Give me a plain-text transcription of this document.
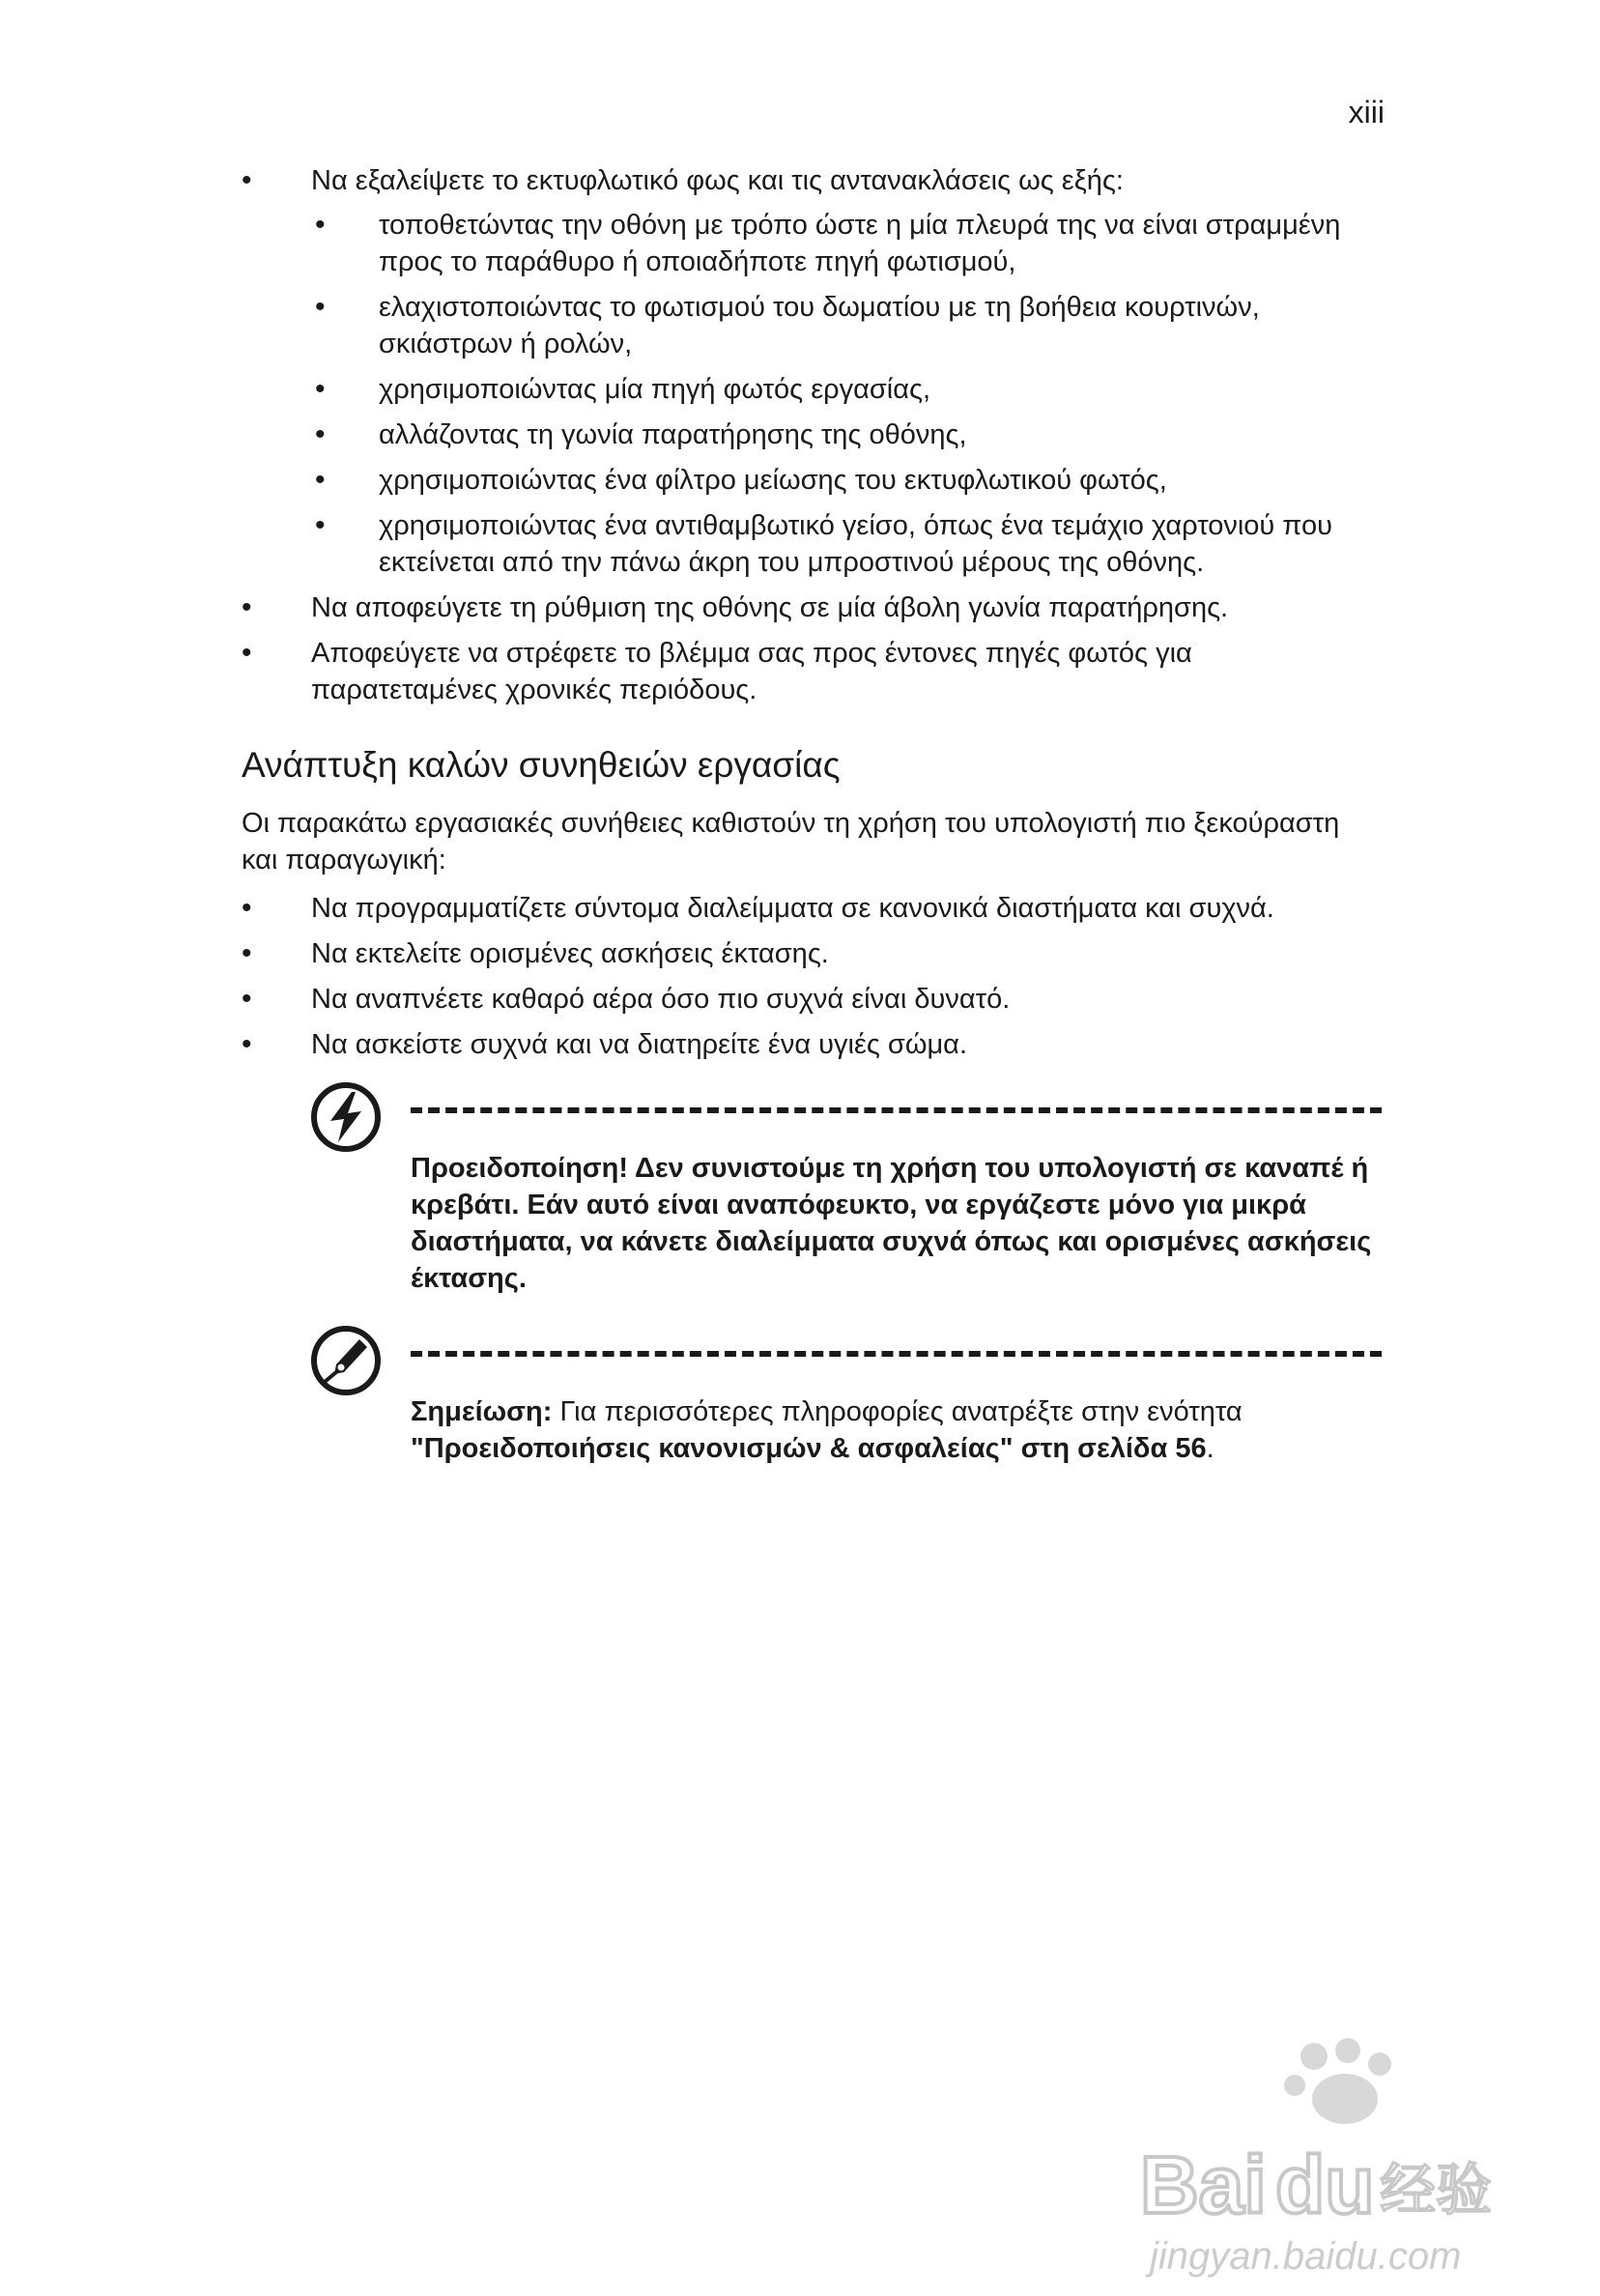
xiii
• Να εξαλείψετε το εκτυφλωτικό φως και τις αντανακλάσεις ως εξής:
• τοποθετώντας την οθόνη με τρόπο ώστε η μία πλευρά της να είναι στραμμένη προς το παράθυρο ή οποιαδήποτε πηγή φωτισμού,
• ελαχιστοποιώντας το φωτισμού του δωματίου με τη βοήθεια κουρτινών, σκιάστρων ή ρολών,
• χρησιμοποιώντας μία πηγή φωτός εργασίας,
• αλλάζοντας τη γωνία παρατήρησης της οθόνης,
• χρησιμοποιώντας ένα φίλτρο μείωσης του εκτυφλωτικού φωτός,
• χρησιμοποιώντας ένα αντιθαμβωτικό γείσο, όπως ένα τεμάχιο χαρτονιού που εκτείνεται από την πάνω άκρη του μπροστινού μέρους της οθόνης.
• Να αποφεύγετε τη ρύθμιση της οθόνης σε μία άβολη γωνία παρατήρησης.
• Αποφεύγετε να στρέφετε το βλέμμα σας προς έντονες πηγές φωτός για παρατεταμένες χρονικές περιόδους.
Ανάπτυξη καλών συνηθειών εργασίας

Οι παρακάτω εργασιακές συνήθειες καθιστούν τη χρήση του υπολογιστή πιο ξεκούραστη και παραγωγική:

• Να προγραμματίζετε σύντομα διαλείμματα σε κανονικά διαστήματα και συχνά.
• Να εκτελείτε ορισμένες ασκήσεις έκτασης.
• Να αναπνέετε καθαρό αέρα όσο πιο συχνά είναι δυνατό.
• Να ασκείστε συχνά και να διατηρείτε ένα υγιές σώμα.
Προειδοποίηση! Δεν συνιστούμε τη χρήση του υπολογιστή σε καναπέ ή κρεβάτι. Εάν αυτό είναι αναπόφευκτο, να εργάζεστε μόνο για μικρά διαστήματα, να κάνετε διαλείμματα συχνά όπως και ορισμένες ασκήσεις έκτασης.
Σημείωση: Για περισσότερες πληροφορίες ανατρέξτε στην ενότητα "Προειδοποιήσεις κανονισμών & ασφαλείας" στη σελίδα 56.
Bai du 经验
jingyan.baidu.com
